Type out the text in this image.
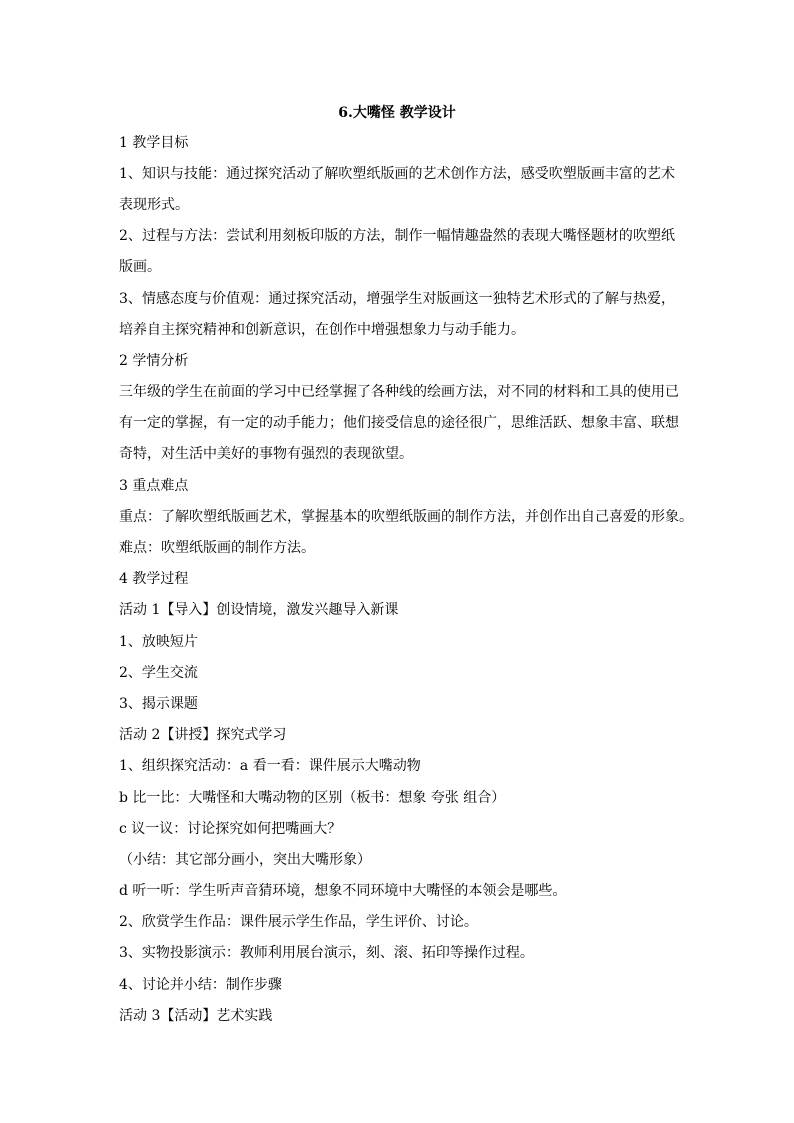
6.大嘴怪 教学设计
1 教学目标
1、知识与技能：通过探究活动了解吹塑纸版画的艺术创作方法，感受吹塑版画丰富的艺术
表现形式。
2、过程与方法：尝试利用刻板印版的方法，制作一幅情趣盎然的表现大嘴怪题材的吹塑纸
版画。
3、情感态度与价值观：通过探究活动，增强学生对版画这一独特艺术形式的了解与热爱，
培养自主探究精神和创新意识，在创作中增强想象力与动手能力。
2 学情分析
三年级的学生在前面的学习中已经掌握了各种线的绘画方法，对不同的材料和工具的使用已
有一定的掌握，有一定的动手能力；他们接受信息的途径很广，思维活跃、想象丰富、联想
奇特，对生活中美好的事物有强烈的表现欲望。
3 重点难点
重点：了解吹塑纸版画艺术，掌握基本的吹塑纸版画的制作方法，并创作出自己喜爱的形象。
难点：吹塑纸版画的制作方法。
4 教学过程
活动 1【导入】创设情境，激发兴趣导入新课
1、放映短片
2、学生交流
3、揭示课题
活动 2【讲授】探究式学习
1、组织探究活动：a 看一看：课件展示大嘴动物
b 比一比：大嘴怪和大嘴动物的区别（板书：想象 夸张 组合）
c 议一议：讨论探究如何把嘴画大？
（小结：其它部分画小，突出大嘴形象）
d 听一听：学生听声音猜环境，想象不同环境中大嘴怪的本领会是哪些。
2、欣赏学生作品：课件展示学生作品，学生评价、讨论。
3、实物投影演示：教师利用展台演示，刻、滚、拓印等操作过程。
4、讨论并小结：制作步骤
活动 3【活动】艺术实践
